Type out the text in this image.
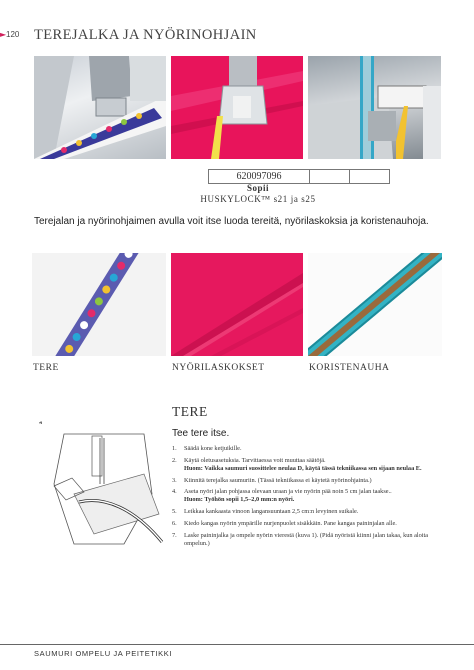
► 120 TEREJALKA JA NYÖRINOHJAIN
620097096
Sopii
HUSKYLOCK™ s21 ja s25
Terejalan ja nyörinohjaimen avulla voit itse luoda tereitä, nyörilaskoksia ja koristenauhoja.
TERE	NYÖRILASKOKSET	KORISTENAUHA
TERE
Tee tere itse.
1. Säädä kone ketjuikille.
2. Käytä oletusasetuksia. Tarvittaessa voit muuttaa säätöjä.
Huom: Vaikka saumuri suosittelee neulaa D, käytä tässä tekniikassa sen sijaan neulaa E.
3. Kiinnitä terejalka saumuriin. (Tässä tekniikassa ei käytetä nyörinohjainta.)
4. Aseta nyöri jalan pohjassa olevaan uraan ja vie nyörin pää noin 5 cm jalan taakse..
Huom: Työhön sopii 1,5–2,0 mm:n nyöri.
5. Leikkaa kankaasta vinoon langansuuntaan 2,5 cm:n levyinen suikale.
6. Kiedo kangas nyörin ympärille nurjenpuolet sisäkkäin. Pane kangas paininjalan alle.
7. Laske paininjalka ja ompele nyörin vierestä (kuva 1). (Pidä nyöristä kiinni jalan takaa, kun aloita ompelun.)
SAUMURI OMPELU JA PEITETIKKI
